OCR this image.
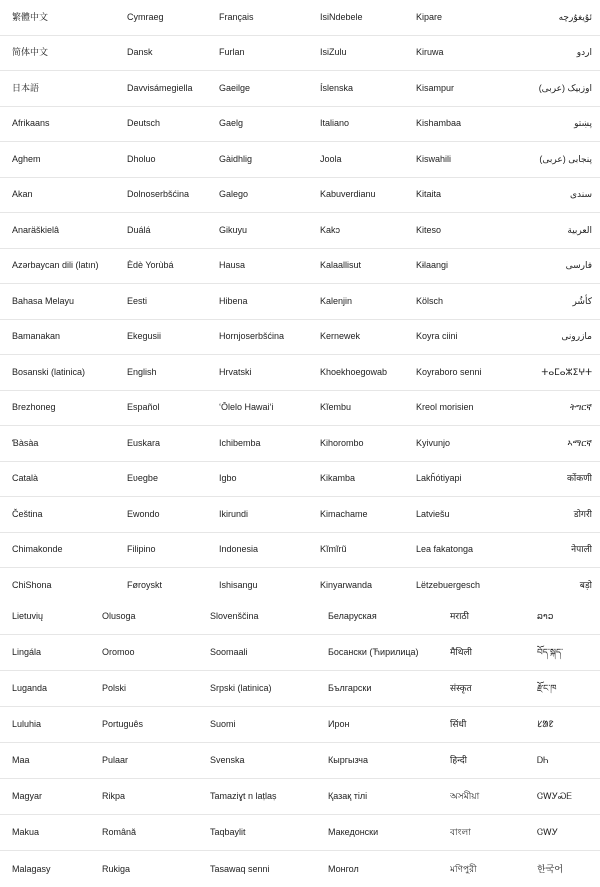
繁體中文	Cymraeg	Français	IsiNdebele	Kipare	ئۇيغۇرچە
简体中文	Dansk	Furlan	IsiZulu	Kiruwa	اردو
日本語	Davvisámegiella	Gaeilge	Íslenska	Kisampur	اوزبیک (عربی)
Afrikaans	Deutsch	Gaelg	Italiano	Kishambaa	پښتو
Aghem	Dholuo	Gàidhlig	Joola	Kiswahili	پنجابی (عربی)
Akan	Dolnoserbšćina	Galego	Kabuverdianu	Kitaita	سندی
Anaräškielâ	Duálá	Gikuyu	Kakɔ	Kiteso	العربية
Azərbaycan dili (latın)	Èdè Yorùbá	Hausa	Kalaallisut	Kɨlaangi	فارسی
Bahasa Melayu	Eesti	Hibena	Kalenjin	Kölsch	کأشُر
Bamanakan	Ekegusii	Hornjoserbšćina	Kernewek	Koyra ciini	مازرونی
Bosanski (latinica)	English	Hrvatski	Khoekhoegowab	Koyraboro senni	ⵜⴰⵎⴰⵣⵉⵖⵜ
Brezhoneg	Español	ʻŌlelo Hawaiʻi	Kĩembu	Kreol morisien	ትግርኛ
Ɓàsàa	Euskara	Ichibemba	Kihorombo	Kyivunjo	ኣማርኛ
Català	Eʋegbe	Igbo	Kikamba	Lakȟótiyapi	कोंकणी
Čeština	Ewondo	Ikirundi	Kimachame	Latviešu	डोगरी
Chimakonde	Filipino	Indonesia	Kĩmĩrũ	Lea fakatonga	नेपाली
ChiShona	Føroyskt	Ishisangu	Kinyarwanda	Lëtzebuergesch	बड़ो
Lietuvių	Olusoga	Slovenščina	Беларуская	मराठी	ລາວ
Lingála	Oromoo	Soomaali	Босански (Ћирилица)	मैथिली	བོད་སྐད་
Luganda	Polski	Srpski (latinica)	Български	संस्कृत	རྫོང་ཁ
Luluhia	Português	Suomi	Ирон	सिंधी	ᱥᱟᱱ
Maa	Pulaar	Svenska	Кыргызча	हिन्दी	ᎠᏂ
Magyar	Rikpa	Tamaziɣt n laṭlaṣ	Қазақ тілі	অসমীয়া	ᏣᎳᎩᏍᎬ
Makua	Română	Taqbaylit	Македонски	বাংলা	ᏣᎳᎩ
Malagasy	Rukiga	Tasawaq senni	Монгол	মণিপুরী	한국어
